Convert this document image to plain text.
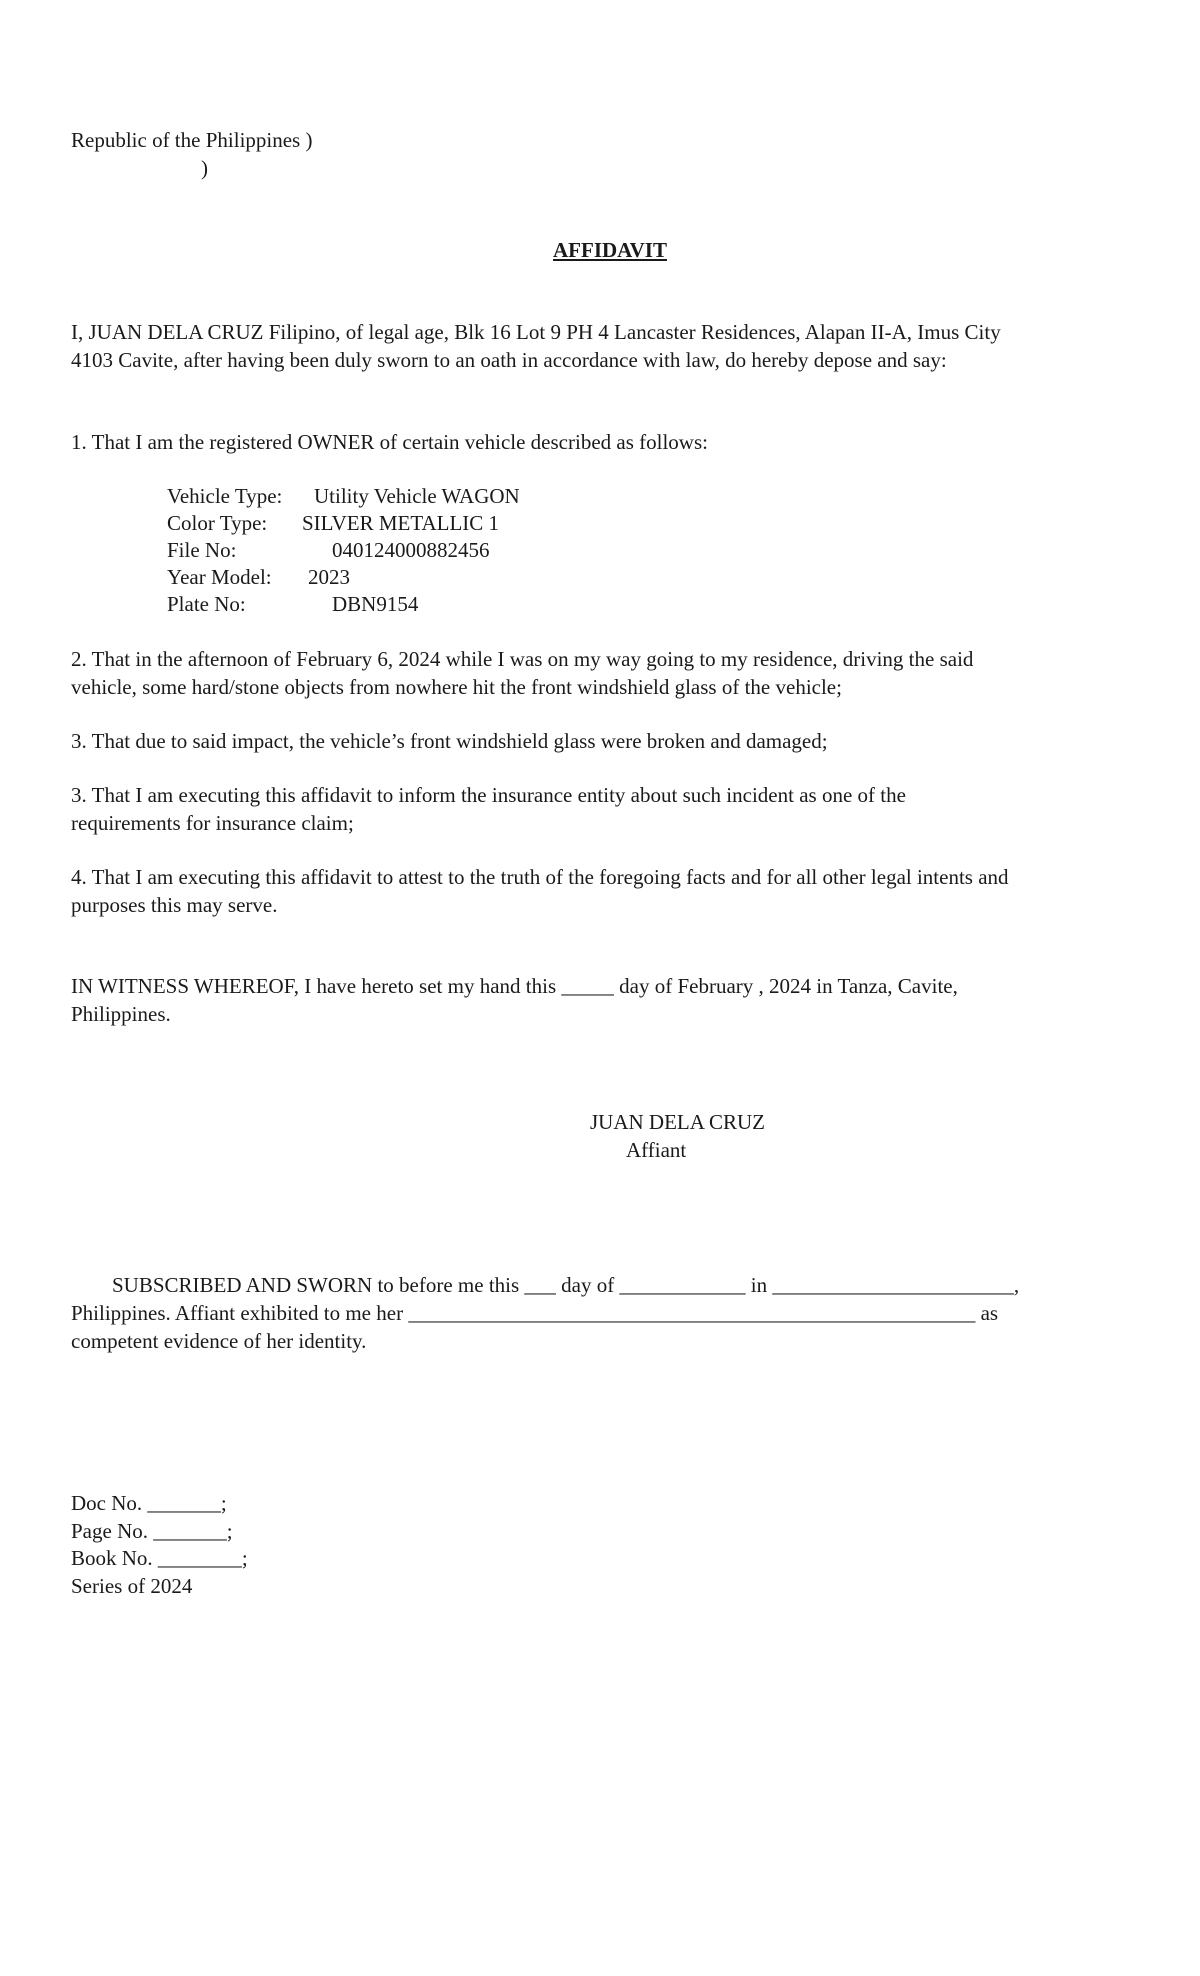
Republic of the Philippines )

)

AFFIDAVIT

I, JUAN DELA CRUZ Filipino, of legal age, Blk 16 Lot 9 PH 4 Lancaster Residences, Alapan II-A, Imus City

4103 Cavite, after having been duly sworn to an oath in accordance with law, do hereby depose and say:

1. That I am the registered OWNER of certain vehicle described as follows:

Vehicle Type: Utility Vehicle WAGON
Color Type: SILVER METALLIC 1
File No:	040124000882456
Year Model: 2023
Plate No:	DBN9154

2. That in the afternoon of February 6, 2024 while I was on my way going to my residence, driving the said

vehicle, some hard/stone objects from nowhere hit the front windshield glass of the vehicle;

3. That due to said impact, the vehicle’s front windshield glass were broken and damaged;

3. That I am executing this affidavit to inform the insurance entity about such incident as one of the

requirements for insurance claim;

4. That I am executing this affidavit to attest to the truth of the foregoing facts and for all other legal intents and

purposes this may serve.

IN WITNESS WHEREOF, I have hereto set my hand this _____ day of February , 2024 in Tanza, Cavite,

Philippines.

JUAN DELA CRUZ
Affiant

SUBSCRIBED AND SWORN to before me this ___ day of ____________ in _______________________,

Philippines. Affiant exhibited to me her ______________________________________________________ as

competent evidence of her identity.

Doc No. _______;

Page No. _______;

Book No. ________;

Series of 2024
